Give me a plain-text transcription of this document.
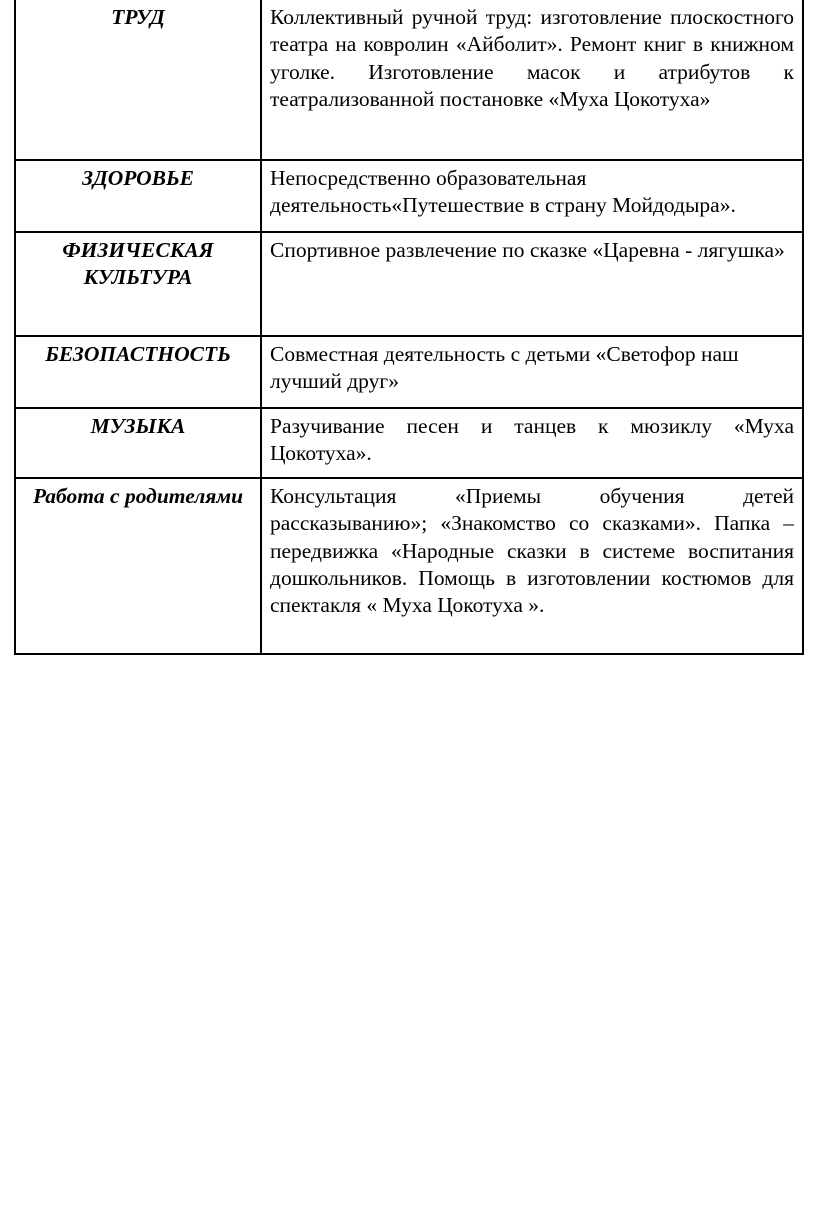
ТРУД	Коллективный ручной труд: изготовление плоскостного театра на ковролин «Айболит». Ремонт книг в книжном уголке. Изготовление масок и атрибутов к театрализованной постановке «Муха Цокотуха»
ЗДОРОВЬЕ	Непосредственно образовательная деятельность«Путешествие в страну Мойдодыра».
ФИЗИЧЕСКАЯ КУЛЬТУРА	Спортивное развлечение по сказке «Царевна - лягушка»
БЕЗОПАСТНОСТЬ	Совместная деятельность с детьми «Светофор наш лучший друг»
МУЗЫКА	Разучивание песен и танцев к мюзиклу «Муха Цокотуха».
Работа с родителями	Консультация «Приемы обучения детей рассказыванию»; «Знакомство со сказками». Папка – передвижка «Народные сказки в системе воспитания дошкольников. Помощь в изготовлении костюмов для спектакля « Муха Цокотуха ».
